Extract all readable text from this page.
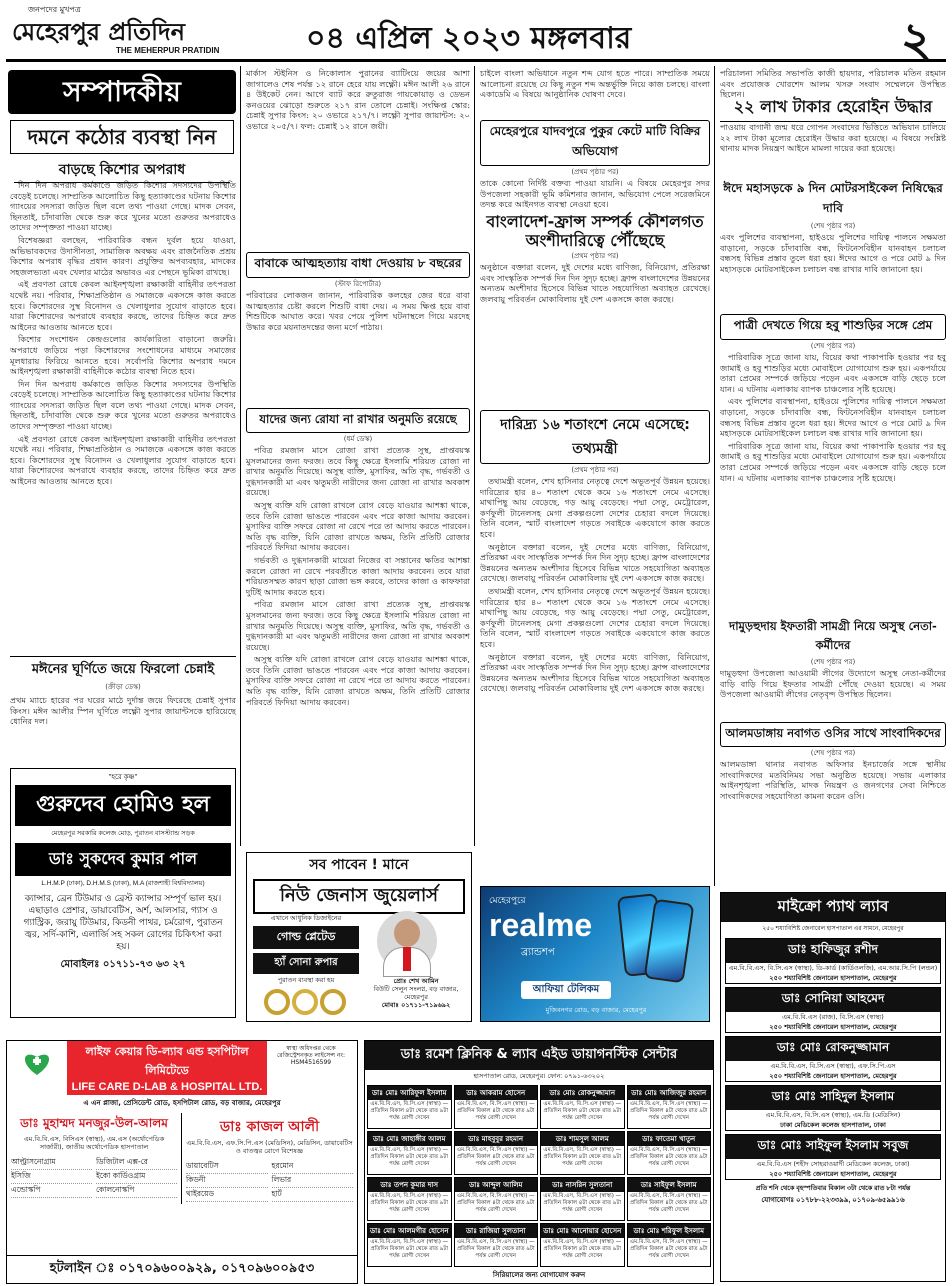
জনপদের মুখপত্র
মেহেরপুর প্রতিদিন
THE MEHERPUR PRATIDIN	০৪ এপ্রিল ২০২৩ মঙ্গলবার	২
সম্পাদকীয়
দমনে কঠোর ব্যবস্থা নিন
বাড়ছে কিশোর অপরাধ

দিন দিন অপরাধ কর্মকাণ্ডে জড়িত কিশোর সদস্যদের উপস্থিতি বেড়েই চলেছে। সাম্প্রতিক আলোচিত কিছু হত্যাকাণ্ডের ঘটনায় কিশোর গ্যাংয়ের সদস্যরা জড়িত ছিল বলে তথ্য পাওয়া গেছে। মাদক সেবন, ছিনতাই, চাঁদাবাজি থেকে শুরু করে খুনের মতো গুরুতর অপরাধেও তাদের সম্পৃক্ততা পাওয়া যাচ্ছে।

বিশেষজ্ঞরা বলছেন, পারিবারিক বন্ধন দুর্বল হয়ে যাওয়া, অভিভাবকদের উদাসীনতা, সামাজিক অবক্ষয় এবং রাজনৈতিক প্রশ্রয় কিশোর অপরাধ বৃদ্ধির প্রধান কারণ। প্রযুক্তির অপব্যবহার, মাদকের সহজলভ্যতা এবং খেলার মাঠের অভাবও এর পেছনে ভূমিকা রাখছে।

এই প্রবণতা রোধে কেবল আইনশৃঙ্খলা রক্ষাকারী বাহিনীর তৎপরতা যথেষ্ট নয়। পরিবার, শিক্ষাপ্রতিষ্ঠান ও সমাজকে একসঙ্গে কাজ করতে হবে। কিশোরদের সুস্থ বিনোদন ও খেলাধুলার সুযোগ বাড়াতে হবে। যারা কিশোরদের অপরাধে ব্যবহার করছে, তাদের চিহ্নিত করে দ্রুত আইনের আওতায় আনতে হবে।

কিশোর সংশোধন কেন্দ্রগুলোর কার্যকারিতা বাড়ানো জরুরি। অপরাধে জড়িয়ে পড়া কিশোরদের সংশোধনের মাধ্যমে সমাজের মূলধারায় ফিরিয়ে আনতে হবে। সর্বোপরি কিশোর অপরাধ দমনে আইনশৃঙ্খলা রক্ষাকারী বাহিনীকে কঠোর ব্যবস্থা নিতে হবে।

দিন দিন অপরাধ কর্মকাণ্ডে জড়িত কিশোর সদস্যদের উপস্থিতি বেড়েই চলেছে। সাম্প্রতিক আলোচিত কিছু হত্যাকাণ্ডের ঘটনায় কিশোর গ্যাংয়ের সদস্যরা জড়িত ছিল বলে তথ্য পাওয়া গেছে। মাদক সেবন, ছিনতাই, চাঁদাবাজি থেকে শুরু করে খুনের মতো গুরুতর অপরাধেও তাদের সম্পৃক্ততা পাওয়া যাচ্ছে।

এই প্রবণতা রোধে কেবল আইনশৃঙ্খলা রক্ষাকারী বাহিনীর তৎপরতা যথেষ্ট নয়। পরিবার, শিক্ষাপ্রতিষ্ঠান ও সমাজকে একসঙ্গে কাজ করতে হবে। কিশোরদের সুস্থ বিনোদন ও খেলাধুলার সুযোগ বাড়াতে হবে। যারা কিশোরদের অপরাধে ব্যবহার করছে, তাদের চিহ্নিত করে দ্রুত আইনের আওতায় আনতে হবে।

মঈনের ঘূর্ণিতে জয়ে ফিরলো চেন্নাই
(ক্রীড়া ডেস্ক)
প্রথম ম্যাচে হারের পর ঘরের মাঠে দুর্দান্ত জয়ে ফিরেছে চেন্নাই সুপার কিংস। মঈন আলীর স্পিন ঘূর্ণিতে লক্ষ্ণৌ সুপার জায়ান্টসকে হারিয়েছে ধোনির দল।
"হরে কৃষ্ণ"
গুরুদেব হোমিও হল
মেহেরপুর সরকারি কলেজ মোড়, পুরাতন বাসস্ট্যান্ড সড়ক
ডাঃ সুকদেব কুমার পাল
L.H.M.P (ঢাকা), D.H.M.S (ঢাকা), M.A (রাজশাহী বিশ্ববিদ্যালয়)
ক্যান্সার, ব্রেন টিউমার ও ব্রেস্ট ক্যান্সার সম্পূর্ণ ভাল হয়। এছাড়াও প্রেশার, ডায়াবেটিস, অর্শ, আলসার, গ্যাস ও গ্যাস্ট্রিক, জরায়ু টিউমার, কিডনী পাথর, চর্মরোগ, পুরাতন জ্বর, সর্দি-কাশি, এলার্জি সহ সকল রোগের চিকিৎসা করা হয়।
মোবাইলঃ ০১৭১১-৭৩ ৬৩ ২৭
মার্কাস স্টইনিস ও নিকোলাস পুরানের ব্যাটিংয়ে জয়ের আশা জাগালেও শেষ পর্যন্ত ১২ রানে হেরে যায় লক্ষ্ণৌ। মঈন আলী ২৬ রানে ৪ উইকেট নেন। আগে ব্যাট করে রুতুরাজ গায়কোয়াড় ও ডেভন কনওয়ের ঝোড়ো শুরুতে ২১৭ রান তোলে চেন্নাই। সংক্ষিপ্ত স্কোর: চেন্নাই সুপার কিংস: ২০ ওভারে ২১৭/৭। লক্ষ্ণৌ সুপার জায়ান্টস: ২০ ওভারে ২০৫/৭। ফল: চেন্নাই ১২ রানে জয়ী।
বাবাকে আত্মহত্যায় বাধা দেওয়ায় ৮ বছরের
(স্টাফ রিপোর্টার)
পরিবারের লোকজন জানান, পারিবারিক কলহের জের ধরে বাবা আত্মহত্যার চেষ্টা করলে শিশুটি বাধা দেয়। এ সময় ক্ষিপ্ত হয়ে বাবা শিশুটিকে আঘাত করে। খবর পেয়ে পুলিশ ঘটনাস্থলে গিয়ে মরদেহ উদ্ধার করে ময়নাতদন্তের জন্য মর্গে পাঠায়।
যাদের জন্য রোযা না রাখার অনুমতি রয়েছে
(ধর্ম ডেস্ক)

পবিত্র রমজান মাসে রোজা রাখা প্রত্যেক সুস্থ, প্রাপ্তবয়স্ক মুসলমানের জন্য ফরজ। তবে কিছু ক্ষেত্রে ইসলামি শরিয়ত রোজা না রাখার অনুমতি দিয়েছে। অসুস্থ ব্যক্তি, মুসাফির, অতি বৃদ্ধ, গর্ভবতী ও দুগ্ধদানকারী মা এবং ঋতুমতী নারীদের জন্য রোজা না রাখার অবকাশ রয়েছে।

অসুস্থ ব্যক্তি যদি রোজা রাখলে রোগ বেড়ে যাওয়ার আশঙ্কা থাকে, তবে তিনি রোজা ভাঙতে পারবেন এবং পরে কাজা আদায় করবেন। মুসাফির ব্যক্তি সফরে রোজা না রেখে পরে তা আদায় করতে পারবেন। অতি বৃদ্ধ ব্যক্তি, যিনি রোজা রাখতে অক্ষম, তিনি প্রতিটি রোজার পরিবর্তে ফিদিয়া আদায় করবেন।

গর্ভবতী ও দুগ্ধদানকারী মায়েরা নিজের বা সন্তানের ক্ষতির আশঙ্কা করলে রোজা না রেখে পরবর্তীতে কাজা আদায় করবেন। তবে যারা শরিয়তসম্মত কারণ ছাড়া রোজা ভঙ্গ করবে, তাদের কাজা ও কাফফারা দুটিই আদায় করতে হবে।

পবিত্র রমজান মাসে রোজা রাখা প্রত্যেক সুস্থ, প্রাপ্তবয়স্ক মুসলমানের জন্য ফরজ। তবে কিছু ক্ষেত্রে ইসলামি শরিয়ত রোজা না রাখার অনুমতি দিয়েছে। অসুস্থ ব্যক্তি, মুসাফির, অতি বৃদ্ধ, গর্ভবতী ও দুগ্ধদানকারী মা এবং ঋতুমতী নারীদের জন্য রোজা না রাখার অবকাশ রয়েছে।

অসুস্থ ব্যক্তি যদি রোজা রাখলে রোগ বেড়ে যাওয়ার আশঙ্কা থাকে, তবে তিনি রোজা ভাঙতে পারবেন এবং পরে কাজা আদায় করবেন। মুসাফির ব্যক্তি সফরে রোজা না রেখে পরে তা আদায় করতে পারবেন। অতি বৃদ্ধ ব্যক্তি, যিনি রোজা রাখতে অক্ষম, তিনি প্রতিটি রোজার পরিবর্তে ফিদিয়া আদায় করবেন।

চাইলে বাংলা অভিধানে নতুন শব্দ যোগ হতে পারে। সাম্প্রতিক সময়ে আলোচনা রয়েছে যে কিছু নতুন শব্দ অন্তর্ভুক্তি নিয়ে কাজ চলছে। বাংলা একাডেমি এ বিষয়ে আনুষ্ঠানিক ঘোষণা দেবে।
মেহেরপুরে যাদবপুরে পুকুর কেটে মাটি বিক্রির অভিযোগ
(প্রথম পৃষ্ঠার পর)
তাকে কোনো নির্দিষ্ট বক্তব্য পাওয়া যায়নি। এ বিষয়ে মেহেরপুর সদর উপজেলা সহকারী ভূমি কমিশনার জানান, অভিযোগ পেলে সরেজমিনে তদন্ত করে আইনগত ব্যবস্থা নেওয়া হবে।
বাংলাদেশ-ফ্রান্স সম্পর্ক কৌশলগত অংশীদারিত্বে পৌঁছেছে
(প্রথম পৃষ্ঠার পর)
অনুষ্ঠানে বক্তারা বলেন, দুই দেশের মধ্যে বাণিজ্য, বিনিয়োগ, প্রতিরক্ষা এবং সাংস্কৃতিক সম্পর্ক দিন দিন সুদৃঢ় হচ্ছে। ফ্রান্স বাংলাদেশের উন্নয়নের অন্যতম অংশীদার হিসেবে বিভিন্ন খাতে সহযোগিতা অব্যাহত রেখেছে। জলবায়ু পরিবর্তন মোকাবিলায় দুই দেশ একসঙ্গে কাজ করছে।
দারিদ্র্য ১৬ শতাংশে নেমে এসেছে: তথ্যমন্ত্রী
(প্রথম পৃষ্ঠার পর)

তথ্যমন্ত্রী বলেন, শেখ হাসিনার নেতৃত্বে দেশে অভূতপূর্ব উন্নয়ন হয়েছে। দারিদ্র্যের হার ৪০ শতাংশ থেকে কমে ১৬ শতাংশে নেমে এসেছে। মাথাপিছু আয় বেড়েছে, গড় আয়ু বেড়েছে। পদ্মা সেতু, মেট্রোরেল, কর্ণফুলী টানেলসহ মেগা প্রকল্পগুলো দেশের চেহারা বদলে দিয়েছে। তিনি বলেন, স্মার্ট বাংলাদেশ গড়তে সবাইকে একযোগে কাজ করতে হবে।

অনুষ্ঠানে বক্তারা বলেন, দুই দেশের মধ্যে বাণিজ্য, বিনিয়োগ, প্রতিরক্ষা এবং সাংস্কৃতিক সম্পর্ক দিন দিন সুদৃঢ় হচ্ছে। ফ্রান্স বাংলাদেশের উন্নয়নের অন্যতম অংশীদার হিসেবে বিভিন্ন খাতে সহযোগিতা অব্যাহত রেখেছে। জলবায়ু পরিবর্তন মোকাবিলায় দুই দেশ একসঙ্গে কাজ করছে।

তথ্যমন্ত্রী বলেন, শেখ হাসিনার নেতৃত্বে দেশে অভূতপূর্ব উন্নয়ন হয়েছে। দারিদ্র্যের হার ৪০ শতাংশ থেকে কমে ১৬ শতাংশে নেমে এসেছে। মাথাপিছু আয় বেড়েছে, গড় আয়ু বেড়েছে। পদ্মা সেতু, মেট্রোরেল, কর্ণফুলী টানেলসহ মেগা প্রকল্পগুলো দেশের চেহারা বদলে দিয়েছে। তিনি বলেন, স্মার্ট বাংলাদেশ গড়তে সবাইকে একযোগে কাজ করতে হবে।

অনুষ্ঠানে বক্তারা বলেন, দুই দেশের মধ্যে বাণিজ্য, বিনিয়োগ, প্রতিরক্ষা এবং সাংস্কৃতিক সম্পর্ক দিন দিন সুদৃঢ় হচ্ছে। ফ্রান্স বাংলাদেশের উন্নয়নের অন্যতম অংশীদার হিসেবে বিভিন্ন খাতে সহযোগিতা অব্যাহত রেখেছে। জলবায়ু পরিবর্তন মোকাবিলায় দুই দেশ একসঙ্গে কাজ করছে।

পরিচালনা সমিতির সভাপতি কাজী হায়দার, পরিচালক মতিন রহমান এবং প্রযোজক খোরশেদ আলম খসরু সংবাদ সম্মেলনে উপস্থিত ছিলেন।
২২ লাখ টাকার হেরোইন উদ্ধার
পাওয়ায় বাগানী জন্ম ধরে গোপন সংবাদের ভিত্তিতে অভিযান চালিয়ে ২২ লাখ টাকা মূল্যের হেরোইন উদ্ধার করা হয়েছে। এ বিষয়ে সংশ্লিষ্ট থানায় মাদক নিয়ন্ত্রণ আইনে মামলা দায়ের করা হয়েছে।
ঈদে মহাসড়কে ৯ দিন মোটরসাইকেল নিষিদ্ধের দাবি
(শেষ পৃষ্ঠার পর)
এবং পুলিশের ব্যবস্থাপনা, হাইওয়ে পুলিশের দায়িত্ব পালনে সক্ষমতা বাড়ানো, সড়কে চাঁদাবাজি বন্ধ, ফিটনেসবিহীন যানবাহন চলাচল বন্ধসহ বিভিন্ন প্রস্তাব তুলে ধরা হয়। ঈদের আগে ও পরে মোট ৯ দিন মহাসড়কে মোটরসাইকেল চলাচল বন্ধ রাখার দাবি জানানো হয়।
পাত্রী দেখতে গিয়ে হবু শাশুড়ির সঙ্গে প্রেম
(শেষ পৃষ্ঠার পর)

পারিবারিক সূত্রে জানা যায়, বিয়ের কথা পাকাপাকি হওয়ার পর হবু জামাই ও হবু শাশুড়ির মধ্যে মোবাইলে যোগাযোগ শুরু হয়। একপর্যায়ে তারা প্রেমের সম্পর্কে জড়িয়ে পড়েন এবং একসঙ্গে বাড়ি ছেড়ে চলে যান। এ ঘটনায় এলাকায় ব্যাপক চাঞ্চল্যের সৃষ্টি হয়েছে।

এবং পুলিশের ব্যবস্থাপনা, হাইওয়ে পুলিশের দায়িত্ব পালনে সক্ষমতা বাড়ানো, সড়কে চাঁদাবাজি বন্ধ, ফিটনেসবিহীন যানবাহন চলাচল বন্ধসহ বিভিন্ন প্রস্তাব তুলে ধরা হয়। ঈদের আগে ও পরে মোট ৯ দিন মহাসড়কে মোটরসাইকেল চলাচল বন্ধ রাখার দাবি জানানো হয়।

পারিবারিক সূত্রে জানা যায়, বিয়ের কথা পাকাপাকি হওয়ার পর হবু জামাই ও হবু শাশুড়ির মধ্যে মোবাইলে যোগাযোগ শুরু হয়। একপর্যায়ে তারা প্রেমের সম্পর্কে জড়িয়ে পড়েন এবং একসঙ্গে বাড়ি ছেড়ে চলে যান। এ ঘটনায় এলাকায় ব্যাপক চাঞ্চল্যের সৃষ্টি হয়েছে।

দামুড়হুদায় ইফতারী সামগ্রী নিয়ে অসুস্থ নেতা-কর্মীদের
(শেষ পৃষ্ঠার পর)
দামুড়হুদা উপজেলা আওয়ামী লীগের উদ্যোগে অসুস্থ নেতা-কর্মীদের বাড়ি বাড়ি গিয়ে ইফতার সামগ্রী পৌঁছে দেওয়া হয়েছে। এ সময় উপজেলা আওয়ামী লীগের নেতৃবৃন্দ উপস্থিত ছিলেন।
আলমডাঙ্গায় নবাগত ওসির সাথে সাংবাদিকদের
(শেষ পৃষ্ঠার পর)
আলমডাঙ্গা থানার নবাগত অফিসার ইনচার্জের সঙ্গে স্থানীয় সাংবাদিকদের মতবিনিময় সভা অনুষ্ঠিত হয়েছে। সভায় এলাকার আইনশৃঙ্খলা পরিস্থিতি, মাদক নিয়ন্ত্রণ ও জনগণের সেবা নিশ্চিতে সাংবাদিকদের সহযোগিতা কামনা করেন ওসি।
সব পাবেন ! মানে
নিউ জেনাস জুয়েলার্স
এখানে আধুনিক ডিজাইনের
গোল্ড প্লেটেড
হ্যাঁ সোনা রুপার
পুরাতন ব্যবস্থা করা হয়	প্রোঃ শেখ আমিন
বিউটি সেলুন সংলগ্ন, বড় বাজার, মেহেরপুর
মোবাঃ ০১৭১১-৭১৯৬৯২
মেহেরপুরে
realme
ব্র্যান্ডশপ
আফিয়া টেলিকম
মুজিবনগর রোড, বড় বাজার, মেহেরপুর
মাইক্রো প্যাথ ল্যাব
২৫০ শয্যাবিশিষ্ট জেনারেল হাসপাতাল এর সামনে, মেহেরপুর
ডাঃ হাফিজুর রশীদ
এম.বি.বি.এস, বি.সি.এস (স্বাস্থ্য), ডি-কার্ড (কার্ডিওলজি), এম.আর.সি.পি (লন্ডন)
২৫০ শয্যাবিশিষ্ট জেনারেল হাসপাতাল, মেহেরপুর
ডাঃ সোনিয়া আহমেদ
এম.বি.বি.এস (রাজ), বি.সি.এস (স্বাস্থ্য)
২৫০ শয্যাবিশিষ্ট জেনারেল হাসপাতাল, মেহেরপুর
ডাঃ মোঃ রোকনুজ্জামান
এম.বি.বি.এস, বি.সি.এস (স্বাস্থ্য), এফ.সি.পি.এস
২৫০ শয্যাবিশিষ্ট জেনারেল হাসপাতাল, মেহেরপুর
ডাঃ মোঃ সাহিদুল ইসলাম
এম.বি.বি.এস, বি.সি.এস (স্বাস্থ্য), এম.ডি (মেডিসিন)
ঢাকা মেডিকেল কলেজ হাসপাতাল, ঢাকা
ডাঃ মোঃ সাইফুল ইসলাম সবুজ
এম.বি.বি.এস (শহীদ সোহরাওয়ার্দী মেডিকেল কলেজ, ঢাকা)
২৫০ শয্যাবিশিষ্ট জেনারেল হাসপাতাল, মেহেরপুর
প্রতি শনি থেকে বৃহস্পতিবার বিকাল ৩টা থেকে রাত ৮টা পর্যন্ত
যোগাযোগঃ ০১৭৮৮-২২৩৩৯৯, ০১৭০৯-৬৫৯৯১৬
লাইফ কেয়ার ডি-ল্যাব এন্ড হসপিটাল লিমিটেডে
LIFE CARE D-LAB & HOSPITAL LTD.
স্বাস্থ্য অধিদপ্তর থেকে রেজিস্ট্রেশনকৃত লাইসেন্স নং: HSM4516599
এ এন প্লাজা, প্রেসিডেন্ট রোড, হসপিটাল রোড, বড় বাজার, মেহেরপুর
ডাঃ মুহাম্মদ মনজুর-উল-আলম
এম.বি.বি.এস, বিসিএস (স্বাস্থ্য), এম.এস (অর্থোপেডিক সার্জারী), জাতীয় অর্থোপেডিক হাসপাতাল
আল্ট্রাসনোগ্রাম	ডিজিটাল এক্স-রে
ইসিজি	ইকো কার্ডিওগ্রাম
এন্ডোস্কপি	কোলনোস্কপি
ডাঃ কাজল আলী
এম.বি.বি.এস, এফ.সি.পি.এস (মেডিসিন), মেডিসিন, ডায়াবেটিস ও বাতজ্বর রোগে বিশেষজ্ঞ
ডায়াবেটিস	হরমোন
কিডনী	লিভার
থাইরয়েড	হার্ট
হটলাইন ঃ ০১৭০৯৬০০৯২৯, ০১৭০৯৬০০৯৫৩
ডাঃ রমেশ ক্লিনিক & ল্যাব এইড ডায়াগনস্টিক সেন্টার
হাসপাতাল রোড, মেহেরপুর। ফোন: ০৭৯১-৬৩২০২
ডাঃ মোঃ আরিফুল ইসলাম
এম.বি.বি.এস, বি.সি.এস (স্বাস্থ্য) — প্রতিদিন বিকাল ৪টা থেকে রাত ৯টা পর্যন্ত রোগী দেখেন
ডাঃ আকরাম হোসেন
এম.বি.বি.এস, বি.সি.এস (স্বাস্থ্য) — প্রতিদিন বিকাল ৪টা থেকে রাত ৯টা পর্যন্ত রোগী দেখেন
ডাঃ মোঃ রোকনুজ্জামান
এম.বি.বি.এস, বি.সি.এস (স্বাস্থ্য) — প্রতিদিন বিকাল ৪টা থেকে রাত ৯টা পর্যন্ত রোগী দেখেন
ডাঃ মোঃ আজিজুর রহমান
এম.বি.বি.এস, বি.সি.এস (স্বাস্থ্য) — প্রতিদিন বিকাল ৪টা থেকে রাত ৯টা পর্যন্ত রোগী দেখেন
ডাঃ মোঃ জাহাঙ্গীর আলম
এম.বি.বি.এস, বি.সি.এস (স্বাস্থ্য) — প্রতিদিন বিকাল ৪টা থেকে রাত ৯টা পর্যন্ত রোগী দেখেন
ডাঃ মাহবুবুর রহমান
এম.বি.বি.এস, বি.সি.এস (স্বাস্থ্য) — প্রতিদিন বিকাল ৪টা থেকে রাত ৯টা পর্যন্ত রোগী দেখেন
ডাঃ শামসুল আলম
এম.বি.বি.এস, বি.সি.এস (স্বাস্থ্য) — প্রতিদিন বিকাল ৪টা থেকে রাত ৯টা পর্যন্ত রোগী দেখেন
ডাঃ ফাতেমা খাতুন
এম.বি.বি.এস, বি.সি.এস (স্বাস্থ্য) — প্রতিদিন বিকাল ৪টা থেকে রাত ৯টা পর্যন্ত রোগী দেখেন
ডাঃ তপন কুমার দাস
এম.বি.বি.এস, বি.সি.এস (স্বাস্থ্য) — প্রতিদিন বিকাল ৪টা থেকে রাত ৯টা পর্যন্ত রোগী দেখেন
ডাঃ আব্দুল আলিম
এম.বি.বি.এস, বি.সি.এস (স্বাস্থ্য) — প্রতিদিন বিকাল ৪টা থেকে রাত ৯টা পর্যন্ত রোগী দেখেন
ডাঃ নাসরিন সুলতানা
এম.বি.বি.এস, বি.সি.এস (স্বাস্থ্য) — প্রতিদিন বিকাল ৪টা থেকে রাত ৯টা পর্যন্ত রোগী দেখেন
ডাঃ সাইফুল ইসলাম
এম.বি.বি.এস, বি.সি.এস (স্বাস্থ্য) — প্রতিদিন বিকাল ৪টা থেকে রাত ৯টা পর্যন্ত রোগী দেখেন
ডাঃ মোঃ আলমগীর হোসেন
এম.বি.বি.এস, বি.সি.এস (স্বাস্থ্য) — প্রতিদিন বিকাল ৪টা থেকে রাত ৯টা পর্যন্ত রোগী দেখেন
ডাঃ রাজিয়া সুলতানা
এম.বি.বি.এস, বি.সি.এস (স্বাস্থ্য) — প্রতিদিন বিকাল ৪টা থেকে রাত ৯টা পর্যন্ত রোগী দেখেন
ডাঃ মোঃ আনোয়ার হোসেন
এম.বি.বি.এস, বি.সি.এস (স্বাস্থ্য) — প্রতিদিন বিকাল ৪টা থেকে রাত ৯টা পর্যন্ত রোগী দেখেন
ডাঃ মোঃ শরিফুল ইসলাম
এম.বি.বি.এস, বি.সি.এস (স্বাস্থ্য) — প্রতিদিন বিকাল ৪টা থেকে রাত ৯টা পর্যন্ত রোগী দেখেন
সিরিয়ালের জন্য যোগাযোগ করুন
